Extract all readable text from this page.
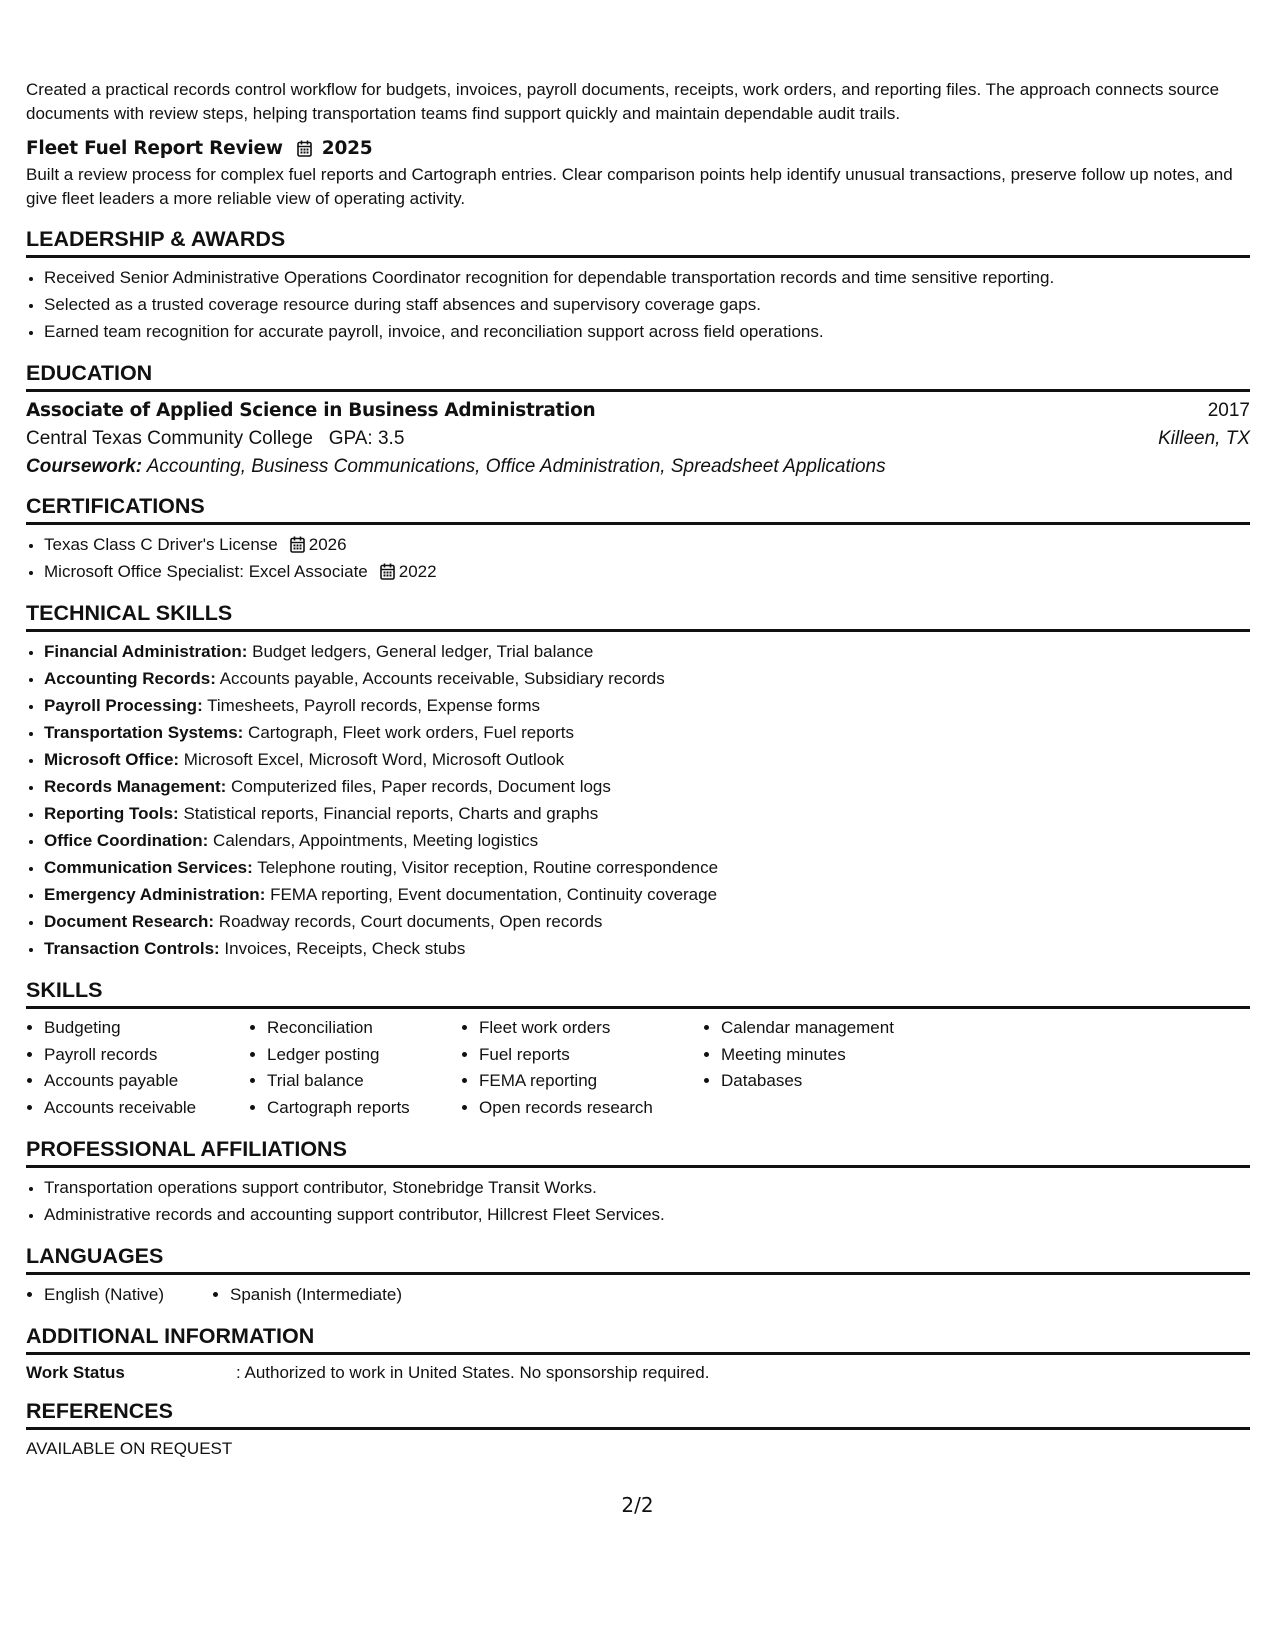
Created a practical records control workflow for budgets, invoices, payroll documents, receipts, work orders, and reporting files. The approach connects source documents with review steps, helping transportation teams find support quickly and maintain dependable audit trails.

Fleet Fuel Report Review 2025

Built a review process for complex fuel reports and Cartograph entries. Clear comparison points help identify unusual transactions, preserve follow up notes, and give fleet leaders a more reliable view of operating activity.

LEADERSHIP & AWARDS
• Received Senior Administrative Operations Coordinator recognition for dependable transportation records and time sensitive reporting.
• Selected as a trusted coverage resource during staff absences and supervisory coverage gaps.
• Earned team recognition for accurate payroll, invoice, and reconciliation support across field operations.
EDUCATION
Associate of Applied Science in Business Administration	2017
Central Texas Community College   GPA: 3.5	Killeen, TX
Coursework: Accounting, Business Communications, Office Administration, Spreadsheet Applications
CERTIFICATIONS
• Texas Class C Driver's License 2026
• Microsoft Office Specialist: Excel Associate 2022
TECHNICAL SKILLS
• Financial Administration: Budget ledgers, General ledger, Trial balance
• Accounting Records: Accounts payable, Accounts receivable, Subsidiary records
• Payroll Processing: Timesheets, Payroll records, Expense forms
• Transportation Systems: Cartograph, Fleet work orders, Fuel reports
• Microsoft Office: Microsoft Excel, Microsoft Word, Microsoft Outlook
• Records Management: Computerized files, Paper records, Document logs
• Reporting Tools: Statistical reports, Financial reports, Charts and graphs
• Office Coordination: Calendars, Appointments, Meeting logistics
• Communication Services: Telephone routing, Visitor reception, Routine correspondence
• Emergency Administration: FEMA reporting, Event documentation, Continuity coverage
• Document Research: Roadway records, Court documents, Open records
• Transaction Controls: Invoices, Receipts, Check stubs
SKILLS
• Budgeting
• Payroll records
• Accounts payable
• Accounts receivable
• Reconciliation
• Ledger posting
• Trial balance
• Cartograph reports
• Fleet work orders
• Fuel reports
• FEMA reporting
• Open records research
• Calendar management
• Meeting minutes
• Databases
PROFESSIONAL AFFILIATIONS
• Transportation operations support contributor, Stonebridge Transit Works.
• Administrative records and accounting support contributor, Hillcrest Fleet Services.
LANGUAGES
• English (Native)
•	Spanish (Intermediate)
ADDITIONAL INFORMATION
Work Status	: Authorized to work in United States. No sponsorship required.
REFERENCES
AVAILABLE ON REQUEST
2/2
